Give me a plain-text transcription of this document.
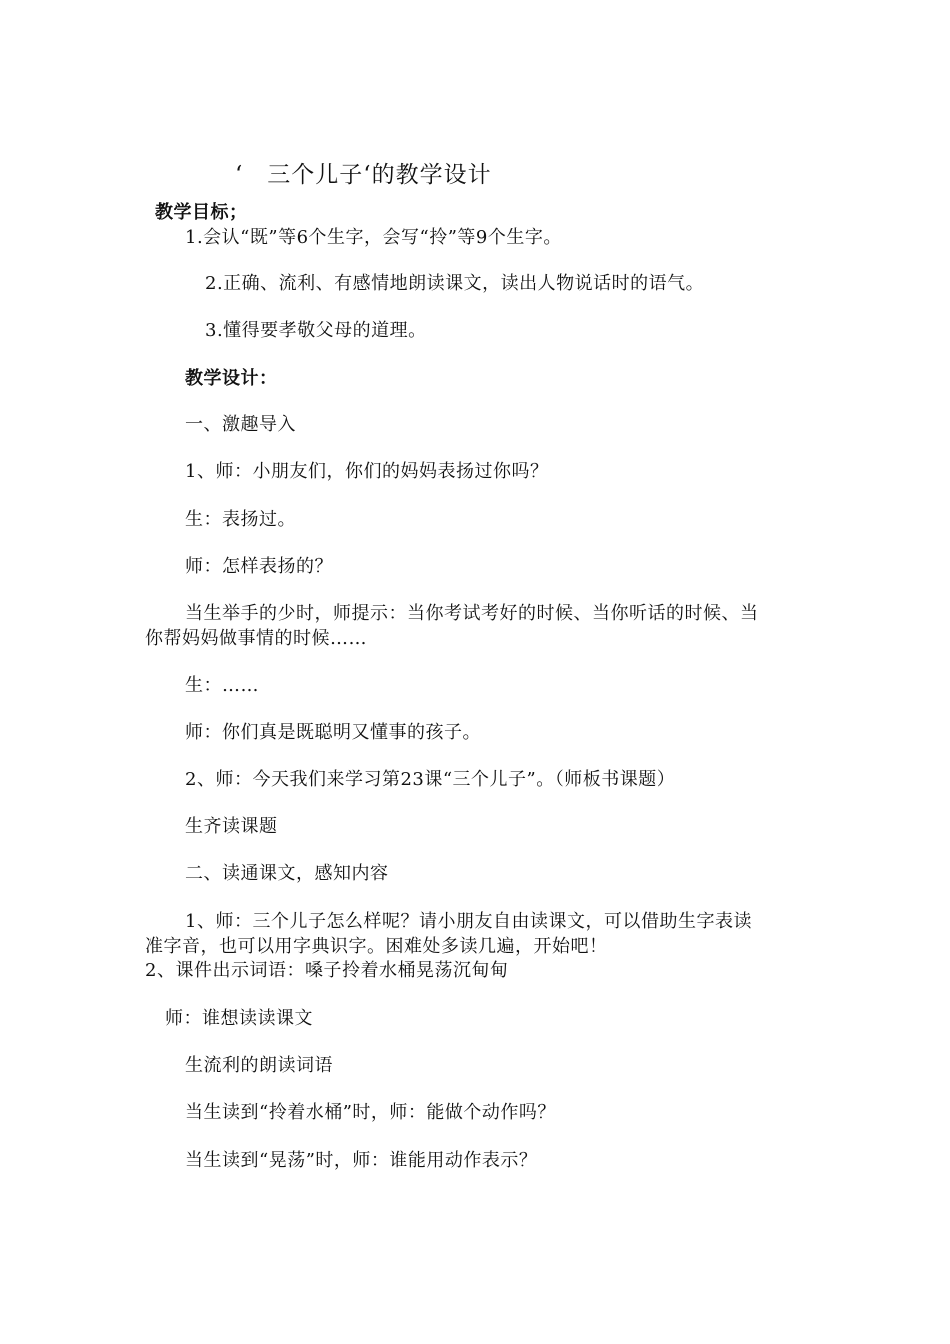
‘　三个儿子‘的教学设计
教学目标；
1.会认“既”等6个生字，会写“拎”等9个生字。
2.正确、流利、有感情地朗读课文，读出人物说话时的语气。
3.懂得要孝敬父母的道理。
教学设计：
一、激趣导入
1、师：小朋友们，你们的妈妈表扬过你吗？
生：表扬过。
师：怎样表扬的？
当生举手的少时，师提示：当你考试考好的时候、当你听话的时候、当
你帮妈妈做事情的时候……
生：……
师：你们真是既聪明又懂事的孩子。
2、师：今天我们来学习第23课“三个儿子”。（师板书课题）
生齐读课题
二、读通课文，感知内容
1、师：三个儿子怎么样呢？请小朋友自由读课文，可以借助生字表读
准字音，也可以用字典识字。困难处多读几遍，开始吧！
2、课件出示词语：嗓子拎着水桶晃荡沉甸甸
师：谁想读读课文
生流利的朗读词语
当生读到“拎着水桶”时，师：能做个动作吗？
当生读到“晃荡”时，师：谁能用动作表示？
